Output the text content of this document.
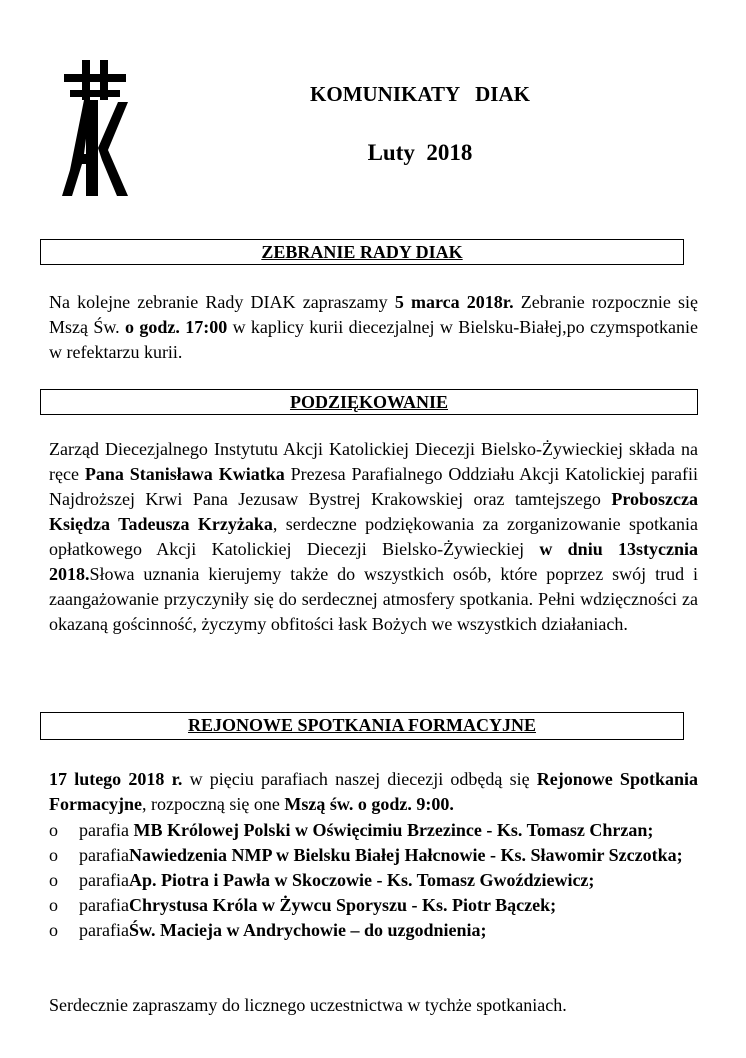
KOMUNIKATY   DIAK
Luty  2018
ZEBRANIE RADY DIAK

Na kolejne zebranie Rady DIAK zapraszamy 5 marca 2018r. Zebranie rozpocznie się Mszą Św. o godz. 17:00 w kaplicy kurii diecezjalnej w Bielsku-Białej,po czymspotkanie w refektarzu kurii.

PODZIĘKOWANIE

Zarząd Diecezjalnego Instytutu Akcji Katolickiej Diecezji Bielsko-Żywieckiej składa na ręce Pana Stanisława Kwiatka Prezesa Parafialnego Oddziału Akcji Katolickiej parafii Najdroższej Krwi Pana Jezusaw Bystrej Krakowskiej oraz tamtejszego Proboszcza Księdza Tadeusza Krzyżaka, serdeczne podziękowania za zorganizowanie spotkania opłatkowego Akcji Katolickiej Diecezji Bielsko-Żywieckiej w dniu 13stycznia 2018.Słowa uznania kierujemy także do wszystkich osób, które poprzez swój trud i zaangażowanie przyczyniły się do serdecznej atmosfery spotkania. Pełni wdzięczności za okazaną gościnność, życzymy obfitości łask Bożych we wszystkich działaniach.

REJONOWE SPOTKANIA FORMACYJNE

17 lutego 2018 r. w pięciu parafiach naszej diecezji odbędą się Rejonowe Spotkania Formacyjne, rozpoczną się one Mszą św. o godz. 9:00.

o parafia MB Królowej Polski w Oświęcimiu Brzezince - Ks. Tomasz Chrzan;
o parafiaNawiedzenia NMP w Bielsku Białej Hałcnowie - Ks. Sławomir Szczotka;
o parafiaAp. Piotra i Pawła w Skoczowie - Ks. Tomasz Gwoździewicz;
o parafiaChrystusa Króla w Żywcu Sporyszu - Ks. Piotr Bączek;
o parafiaŚw. Macieja w Andrychowie – do uzgodnienia;

Serdecznie zapraszamy do licznego uczestnictwa w tychże spotkaniach.
